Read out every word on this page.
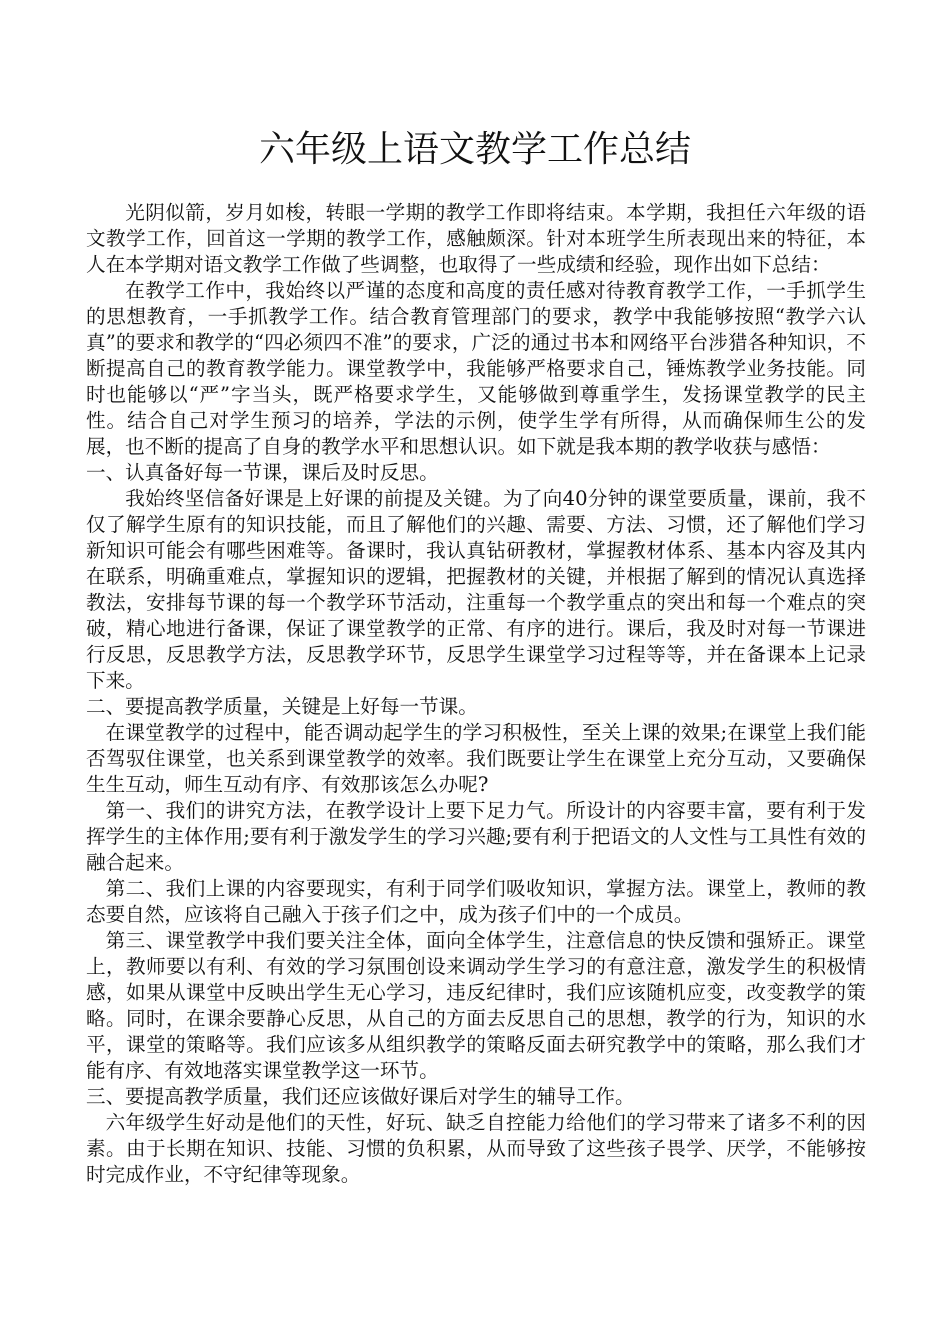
六年级上语文教学工作总结

光阴似箭，岁月如梭，转眼一学期的教学工作即将结束。本学期，我担任六年级的语文教学工作，回首这一学期的教学工作，感触颇深。针对本班学生所表现出来的特征，本人在本学期对语文教学工作做了些调整，也取得了一些成绩和经验，现作出如下总结：

在教学工作中，我始终以严谨的态度和高度的责任感对待教育教学工作，一手抓学生的思想教育，一手抓教学工作。结合教育管理部门的要求，教学中我能够按照“教学六认真”的要求和教学的“四必须四不准”的要求，广泛的通过书本和网络平台涉猎各种知识，不断提高自己的教育教学能力。课堂教学中，我能够严格要求自己，锤炼教学业务技能。同时也能够以“严”字当头，既严格要求学生，又能够做到尊重学生，发扬课堂教学的民主性。结合自己对学生预习的培养，学法的示例，使学生学有所得，从而确保师生公的发展，也不断的提高了自身的教学水平和思想认识。如下就是我本期的教学收获与感悟：

一、认真备好每一节课，课后及时反思。

我始终坚信备好课是上好课的前提及关键。为了向40分钟的课堂要质量，课前，我不仅了解学生原有的知识技能，而且了解他们的兴趣、需要、方法、习惯，还了解他们学习新知识可能会有哪些困难等。备课时，我认真钻研教材，掌握教材体系、基本内容及其内在联系，明确重难点，掌握知识的逻辑，把握教材的关键，并根据了解到的情况认真选择教法，安排每节课的每一个教学环节活动，注重每一个教学重点的突出和每一个难点的突破，精心地进行备课，保证了课堂教学的正常、有序的进行。课后，我及时对每一节课进行反思，反思教学方法，反思教学环节，反思学生课堂学习过程等等，并在备课本上记录下来。

二、要提高教学质量，关键是上好每一节课。

在课堂教学的过程中，能否调动起学生的学习积极性，至关上课的效果;在课堂上我们能否驾驭住课堂，也关系到课堂教学的效率。我们既要让学生在课堂上充分互动，又要确保生生互动，师生互动有序、有效那该怎么办呢?

第一、我们的讲究方法，在教学设计上要下足力气。所设计的内容要丰富，要有利于发挥学生的主体作用;要有利于激发学生的学习兴趣;要有利于把语文的人文性与工具性有效的融合起来。

第二、我们上课的内容要现实，有利于同学们吸收知识，掌握方法。课堂上，教师的教态要自然，应该将自己融入于孩子们之中，成为孩子们中的一个成员。

第三、课堂教学中我们要关注全体，面向全体学生，注意信息的快反馈和强矫正。课堂上，教师要以有利、有效的学习氛围创设来调动学生学习的有意注意，激发学生的积极情感，如果从课堂中反映出学生无心学习，违反纪律时，我们应该随机应变，改变教学的策略。同时，在课余要静心反思，从自己的方面去反思自己的思想，教学的行为，知识的水平，课堂的策略等。我们应该多从组织教学的策略反面去研究教学中的策略，那么我们才能有序、有效地落实课堂教学这一环节。

三、要提高教学质量，我们还应该做好课后对学生的辅导工作。

六年级学生好动是他们的天性，好玩、缺乏自控能力给他们的学习带来了诸多不利的因素。由于长期在知识、技能、习惯的负积累，从而导致了这些孩子畏学、厌学，不能够按时完成作业，不守纪律等现象。
